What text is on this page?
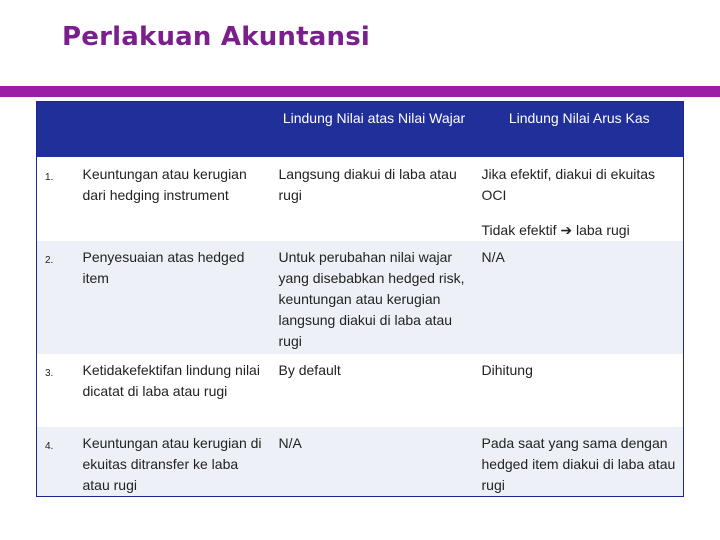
Perlakuan Akuntansi
		Lindung Nilai atas Nilai Wajar	Lindung Nilai Arus Kas
1.	Keuntungan atau kerugian dari hedging instrument	Langsung diakui di laba atau rugi	Jika efektif, diakui di ekuitas OCI
Tidak efektif ➔ laba rugi

2.	Penyesuaian atas hedged item	Untuk perubahan nilai wajar yang disebabkan hedged risk, keuntungan atau kerugian langsung diakui di laba atau rugi	N/A
3.	Ketidakefektifan lindung nilai dicatat di laba atau rugi	By default	Dihitung
4.	Keuntungan atau kerugian di ekuitas ditransfer ke laba atau rugi	N/A	Pada saat yang sama dengan hedged item diakui di laba atau rugi
